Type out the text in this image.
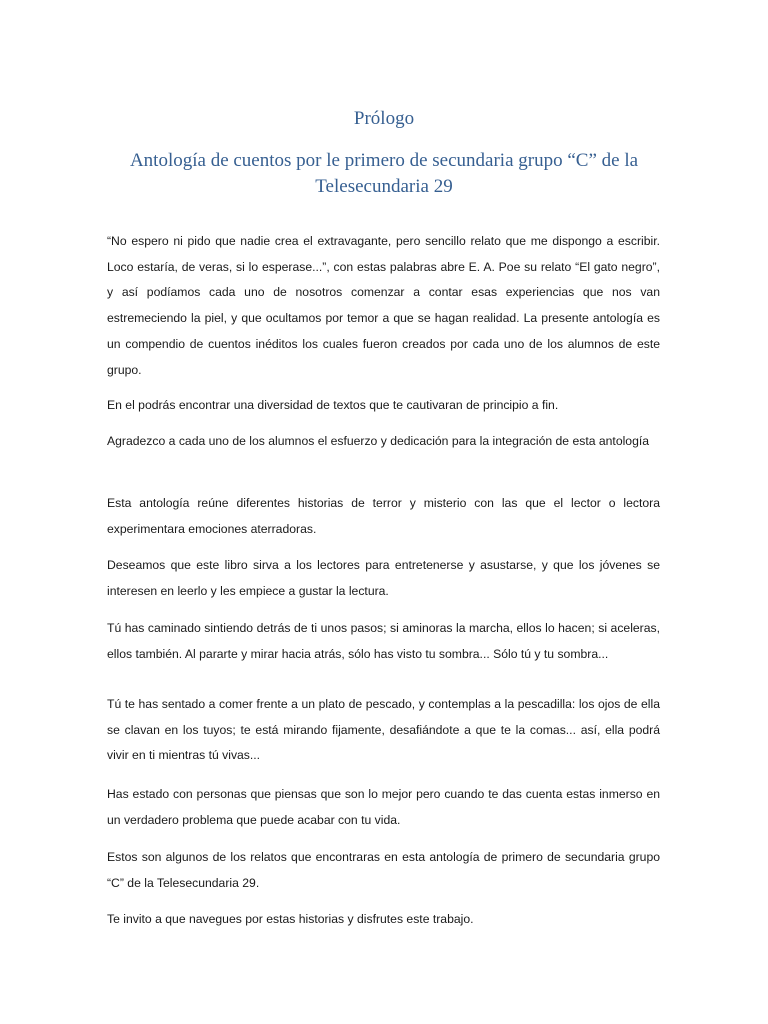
Prólogo
Antología de cuentos por le primero de secundaria grupo “C” de la Telesecundaria 29

“No espero ni pido que nadie crea el extravagante, pero sencillo relato que me dispongo a escribir. Loco estaría, de veras, si lo esperase...”, con estas palabras abre E. A. Poe su relato “El gato negro”, y así podíamos cada uno de nosotros comenzar a contar esas experiencias que nos van estremeciendo la piel, y que ocultamos por temor a que se hagan realidad. La presente antología es un compendio de cuentos inéditos los cuales fueron creados por cada uno de los alumnos de este grupo.

En el podrás encontrar una diversidad de textos que te cautivaran de principio a fin.

Agradezco a cada uno de los alumnos el esfuerzo y dedicación para la integración de esta antología

Esta antología reúne diferentes historias de terror y misterio con las que el lector o lectora experimentara emociones aterradoras.

Deseamos que este libro sirva a los lectores para entretenerse y asustarse, y que los jóvenes se interesen en leerlo y les empiece a gustar la lectura.

Tú has caminado sintiendo detrás de ti unos pasos; si aminoras la marcha, ellos lo hacen; si aceleras, ellos también. Al pararte y mirar hacia atrás, sólo has visto tu sombra... Sólo tú y tu sombra...

Tú te has sentado a comer frente a un plato de pescado, y contemplas a la pescadilla: los ojos de ella se clavan en los tuyos; te está mirando fijamente, desafiándote a que te la comas... así, ella podrá vivir en ti mientras tú vivas...

Has estado con personas que piensas que son lo mejor pero cuando te das cuenta estas inmerso en un verdadero problema que puede acabar con tu vida.

Estos son algunos de los relatos que encontraras en esta antología de primero de secundaria grupo “C” de la Telesecundaria 29.

Te invito a que navegues por estas historias y disfrutes este trabajo.
